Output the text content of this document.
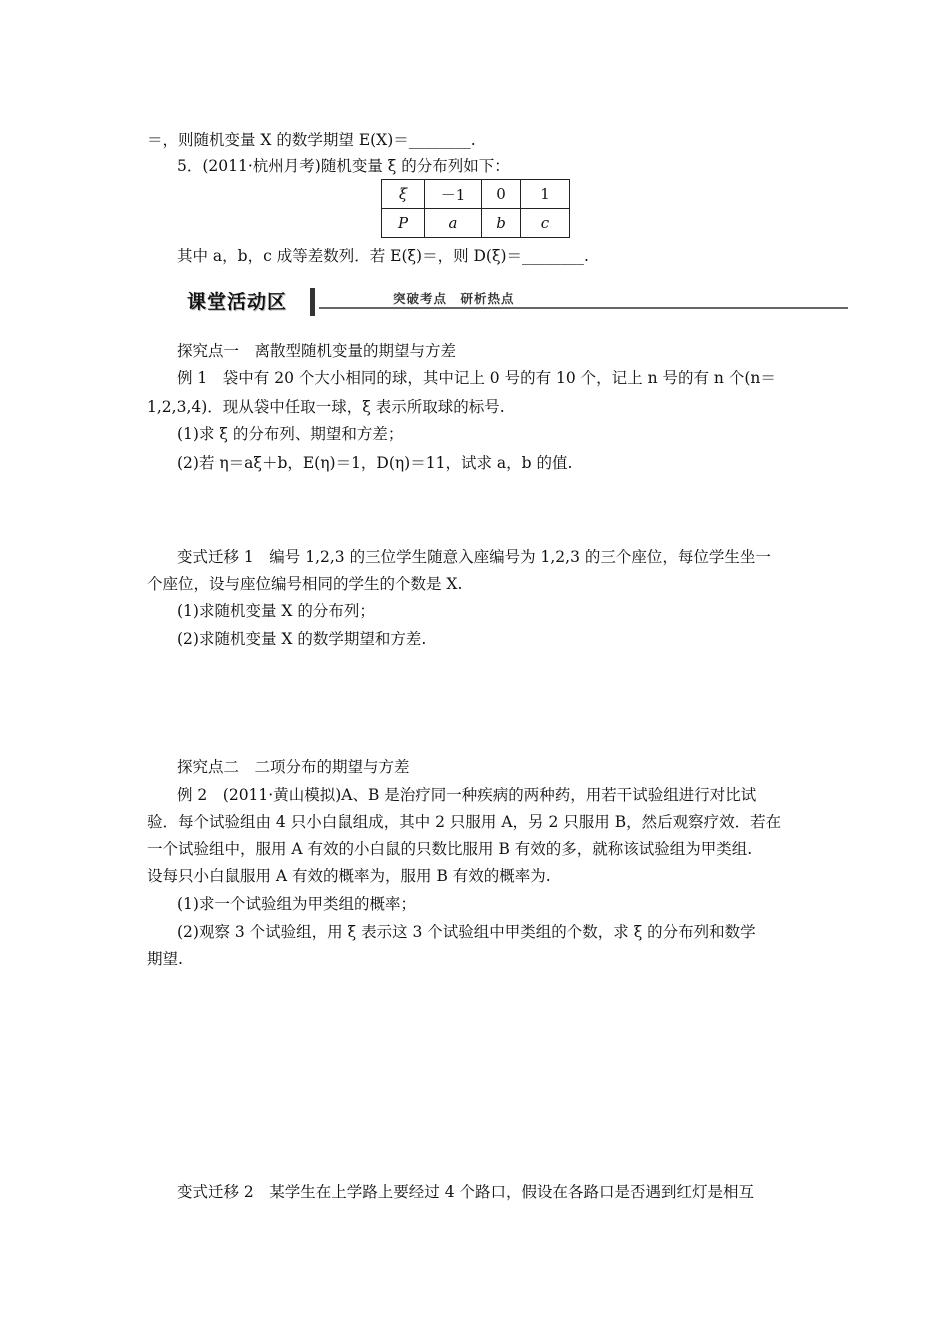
＝，则随机变量 X 的数学期望 E(X)＝________.
5．(2011·杭州月考)随机变量 ξ 的分布列如下：
ξ	－1	0	1
P	a	b	c
其中 a，b，c 成等差数列．若 E(ξ)＝，则 D(ξ)＝________.
课堂活动区	突破考点　研析热点
探究点一　离散型随机变量的期望与方差
例 1　袋中有 20 个大小相同的球，其中记上 0 号的有 10 个，记上 n 号的有 n 个(n＝
1,2,3,4)．现从袋中任取一球，ξ 表示所取球的标号.
(1)求 ξ 的分布列、期望和方差；
(2)若 η＝aξ＋b，E(η)＝1，D(η)＝11，试求 a，b 的值.
变式迁移 1　编号 1,2,3 的三位学生随意入座编号为 1,2,3 的三个座位，每位学生坐一
个座位，设与座位编号相同的学生的个数是 X.
(1)求随机变量 X 的分布列；
(2)求随机变量 X 的数学期望和方差.
探究点二　二项分布的期望与方差
例 2　(2011·黄山模拟)A、B 是治疗同一种疾病的两种药，用若干试验组进行对比试
验．每个试验组由 4 只小白鼠组成，其中 2 只服用 A，另 2 只服用 B，然后观察疗效．若在
一个试验组中，服用 A 有效的小白鼠的只数比服用 B 有效的多，就称该试验组为甲类组.
设每只小白鼠服用 A 有效的概率为，服用 B 有效的概率为.
(1)求一个试验组为甲类组的概率；
(2)观察 3 个试验组，用 ξ 表示这 3 个试验组中甲类组的个数，求 ξ 的分布列和数学
期望.
变式迁移 2　某学生在上学路上要经过 4 个路口，假设在各路口是否遇到红灯是相互
